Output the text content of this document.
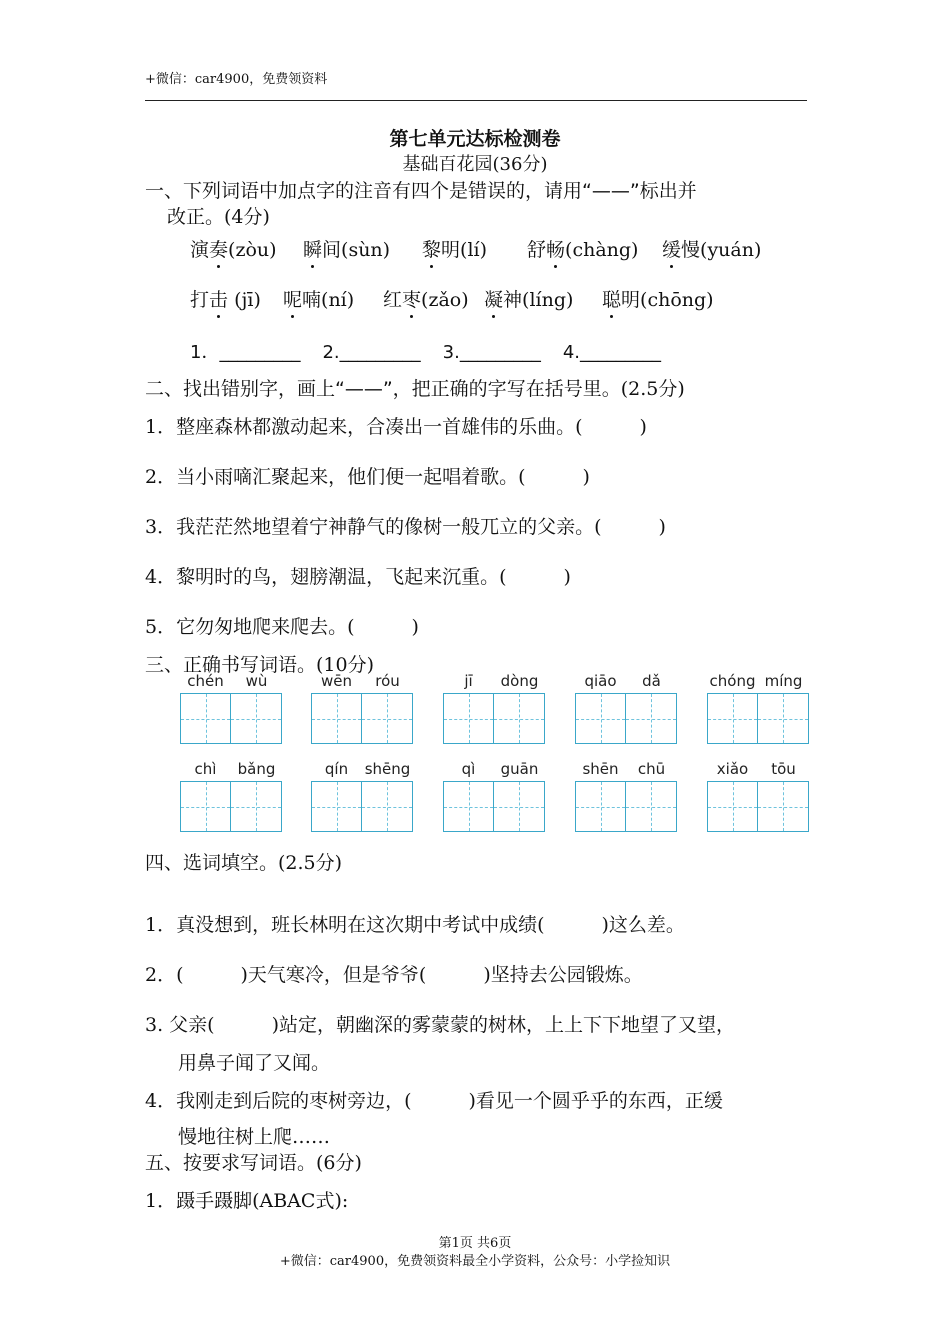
+微信：car4900，免费领资料
第七单元达标检测卷
基础百花园(36分)
一、下列词语中加点字的注音有四个是错误的，请用“——”标出并
改正。(4分)
演奏(zòu) 瞬间(sùn) 黎明(lí) 舒畅(chàng) 缓慢(yuán)
打击 (jī) 呢喃(ní) 红枣(zǎo) 凝神(líng) 聪明(chōng)
1．_________ 2._________ 3._________ 4._________
二、找出错别字，画上“——”，把正确的字写在括号里。(2.5分)
1．整座森林都激动起来，合凑出一首雄伟的乐曲。(　　　)
2．当小雨嘀汇聚起来，他们便一起唱着歌。(　　　)
3．我茫茫然地望着宁神静气的像树一般兀立的父亲。(　　　)
4．黎明时的鸟，翅膀潮温，飞起来沉重。(　　　)
5．它勿匆地爬来爬去。(　　　)
三、正确书写词语。(10分)
chén	wù	wēn	róu	jī	dòng	qiāo	dǎ	chóng míng
chì	bǎng	qín	shēng	qì	guān	shēn	chū	xiǎo	tōu
四、选词填空。(2.5分)
1．真没想到，班长林明在这次期中考试中成绩(　　　)这么差。
2．(　　　)天气寒冷，但是爷爷(　　　)坚持去公园锻炼。
3. 父亲(　　　)站定，朝幽深的雾蒙蒙的树林，上上下下地望了又望，
用鼻子闻了又闻。
4．我刚走到后院的枣树旁边，(　　　)看见一个圆乎乎的东西，正缓
慢地往树上爬……
五、按要求写词语。(6分)
1．蹑手蹑脚(ABAC式):
第1页 共6页
+微信：car4900，免费领资料最全小学资料，公众号：小学捡知识
